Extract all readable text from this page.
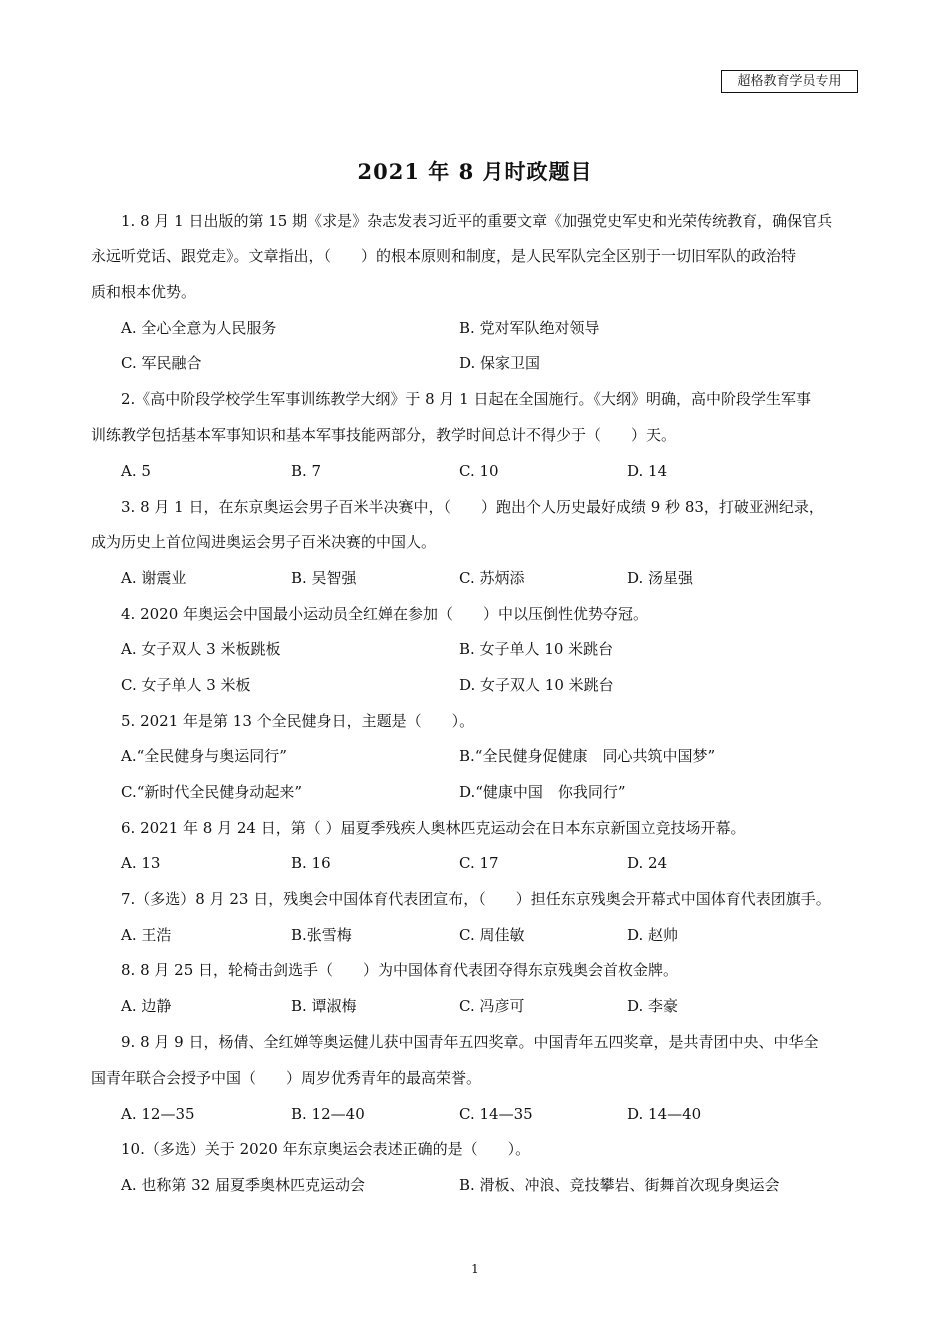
超格教育学员专用
2021 年 8 月时政题目
1. 8 月 1 日出版的第 15 期《求是》杂志发表习近平的重要文章《加强党史军史和光荣传统教育，确保官兵
永远听党话、跟党走》。文章指出，（　　）的根本原则和制度，是人民军队完全区别于一切旧军队的政治特
质和根本优势。
A. 全心全意为人民服务	B. 党对军队绝对领导
C. 军民融合	D. 保家卫国
2.《高中阶段学校学生军事训练教学大纲》于 8 月 1 日起在全国施行。《大纲》明确，高中阶段学生军事
训练教学包括基本军事知识和基本军事技能两部分，教学时间总计不得少于（　　）天。
A. 5	B. 7	C. 10	D. 14
3. 8 月 1 日，在东京奥运会男子百米半决赛中，（　　）跑出个人历史最好成绩 9 秒 83，打破亚洲纪录，
成为历史上首位闯进奥运会男子百米决赛的中国人。
A. 谢震业	B. 吴智强	C. 苏炳添	D. 汤星强
4. 2020 年奥运会中国最小运动员全红婵在参加（　　）中以压倒性优势夺冠。
A. 女子双人 3 米板跳板	B. 女子单人 10 米跳台
C. 女子单人 3 米板	D. 女子双人 10 米跳台
5. 2021 年是第 13 个全民健身日，主题是（　　）。
A.“全民健身与奥运同行”	B.“全民健身促健康　同心共筑中国梦”
C.“新时代全民健身动起来”	D.“健康中国　你我同行”
6. 2021 年 8 月 24 日，第（ ）届夏季残疾人奥林匹克运动会在日本东京新国立竞技场开幕。
A. 13	B. 16	C. 17	D. 24
7.（多选）8 月 23 日，残奥会中国体育代表团宣布，（　　）担任东京残奥会开幕式中国体育代表团旗手。
A. 王浩	B.张雪梅	C. 周佳敏	D. 赵帅
8. 8 月 25 日，轮椅击剑选手（　　）为中国体育代表团夺得东京残奥会首枚金牌。
A. 边静	B. 谭淑梅	C. 冯彦可	D. 李豪
9. 8 月 9 日，杨倩、全红婵等奥运健儿获中国青年五四奖章。中国青年五四奖章，是共青团中央、中华全
国青年联合会授予中国（　　）周岁优秀青年的最高荣誉。
A. 12—35	B. 12—40	C. 14—35	D. 14—40
10.（多选）关于 2020 年东京奥运会表述正确的是（　　）。
A. 也称第 32 届夏季奥林匹克运动会	B. 滑板、冲浪、竞技攀岩、街舞首次现身奥运会
1
